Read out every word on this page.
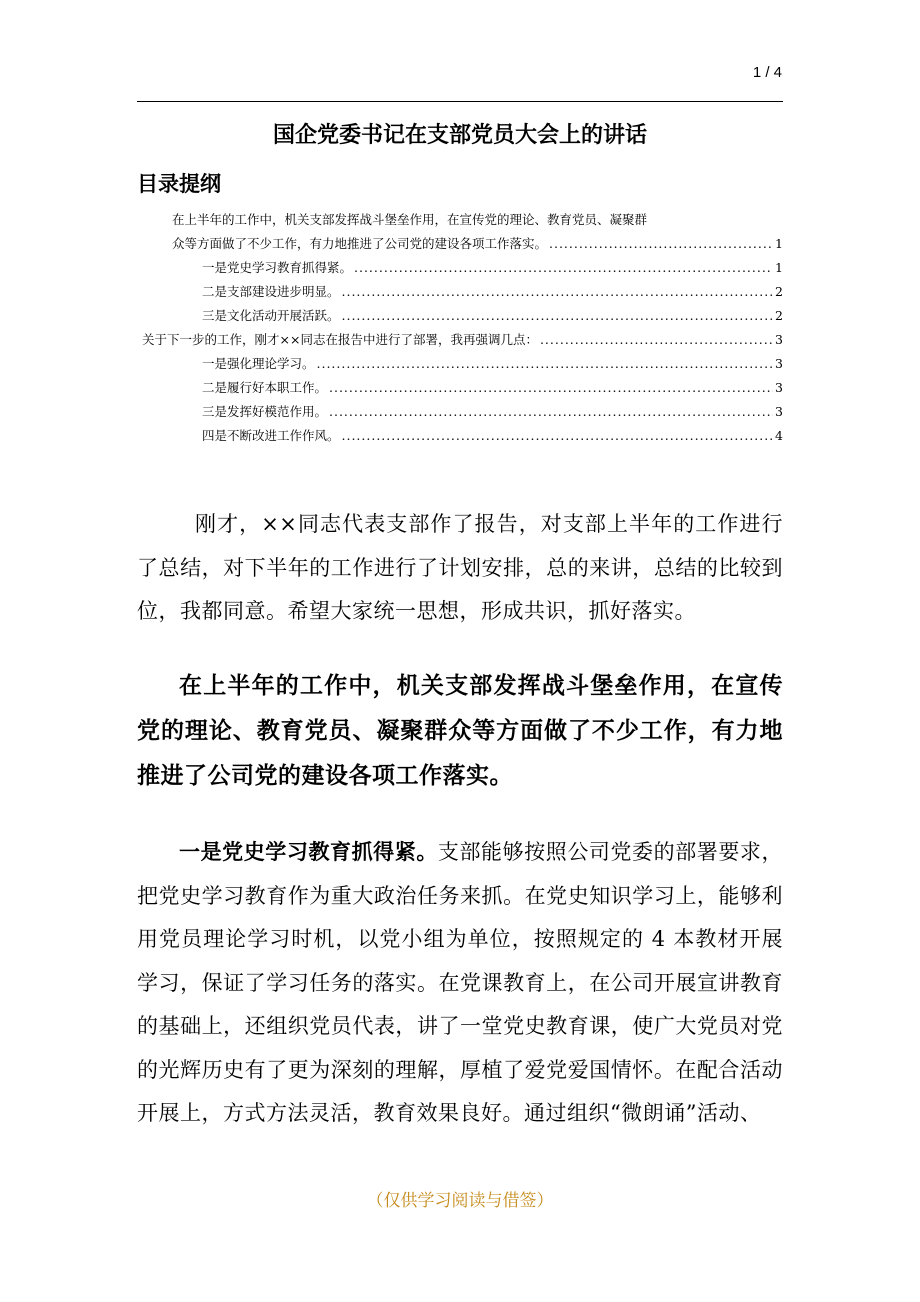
1 / 4
国企党委书记在支部党员大会上的讲话
目录提纲
在上半年的工作中，机关支部发挥战斗堡垒作用，在宣传党的理论、教育党员、凝聚群
众等方面做了不少工作，有力地推进了公司党的建设各项工作落实。 .....	1
一是党史学习教育抓得紧。 .....	1
二是支部建设进步明显。 .....	2
三是文化活动开展活跃。 .....	2
关于下一步的工作，刚才××同志在报告中进行了部署，我再强调几点： .....	3
一是强化理论学习。 .....	3
二是履行好本职工作。 .....	3
三是发挥好模范作用。 .....	3
四是不断改进工作作风。 .....	4
刚才，××同志代表支部作了报告，对支部上半年的工作进行了总结，对下半年的工作进行了计划安排，总的来讲，总结的比较到位，我都同意。希望大家统一思想，形成共识，抓好落实。
在上半年的工作中，机关支部发挥战斗堡垒作用，在宣传党的理论、教育党员、凝聚群众等方面做了不少工作，有力地推进了公司党的建设各项工作落实。
一是党史学习教育抓得紧。支部能够按照公司党委的部署要求，把党史学习教育作为重大政治任务来抓。在党史知识学习上，能够利用党员理论学习时机，以党小组为单位，按照规定的 4 本教材开展学习，保证了学习任务的落实。在党课教育上，在公司开展宣讲教育的基础上，还组织党员代表，讲了一堂党史教育课，使广大党员对党的光辉历史有了更为深刻的理解，厚植了爱党爱国情怀。在配合活动开展上，方式方法灵活，教育效果良好。通过组织“微朗诵”活动、
（仅供学习阅读与借签）
